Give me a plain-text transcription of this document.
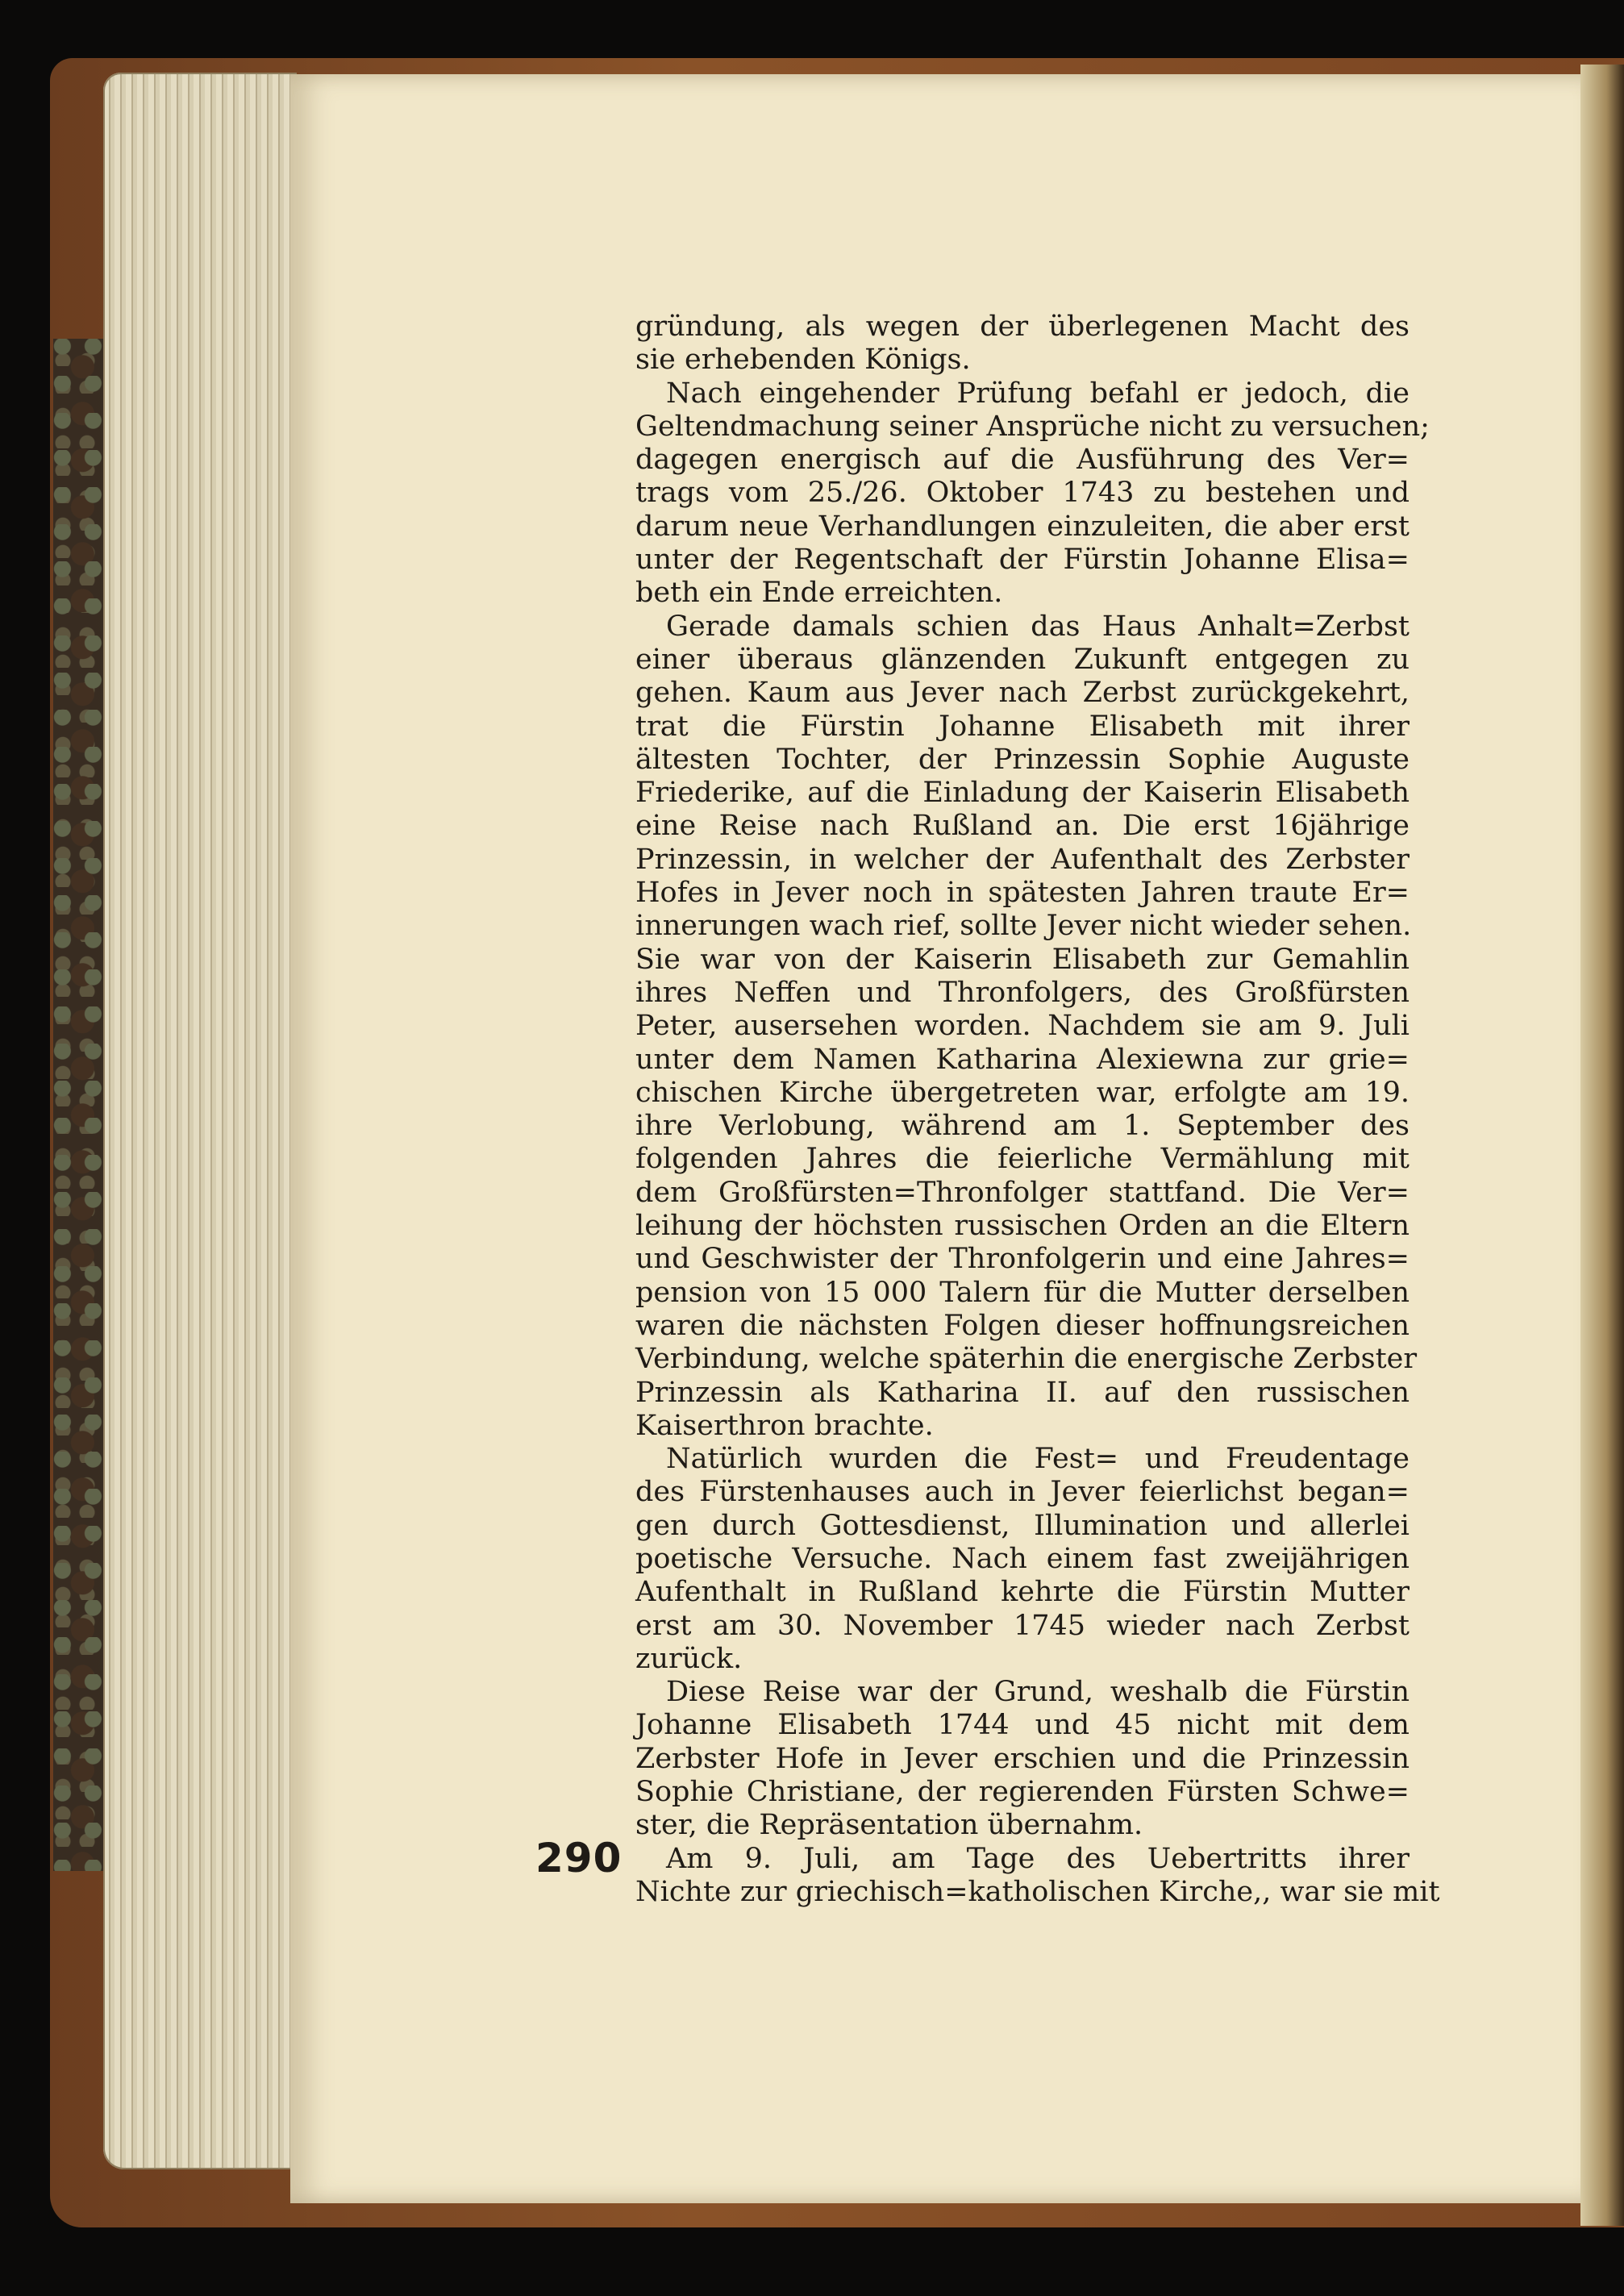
gründung, als wegen der überlegenen Macht des
sie erhebenden Königs.
Nach eingehender Prüfung befahl er jedoch, die
Geltendmachung seiner Ansprüche nicht zu versuchen;
dagegen energisch auf die Ausführung des Ver=
trags vom 25./26. Oktober 1743 zu bestehen und
darum neue Verhandlungen einzuleiten, die aber erst
unter der Regentschaft der Fürstin Johanne Elisa=
beth ein Ende erreichten.
Gerade damals schien das Haus Anhalt=Zerbst
einer überaus glänzenden Zukunft entgegen zu
gehen. Kaum aus Jever nach Zerbst zurückgekehrt,
trat die Fürstin Johanne Elisabeth mit ihrer
ältesten Tochter, der Prinzessin Sophie Auguste
Friederike, auf die Einladung der Kaiserin Elisabeth
eine Reise nach Rußland an. Die erst 16jährige
Prinzessin, in welcher der Aufenthalt des Zerbster
Hofes in Jever noch in spätesten Jahren traute Er=
innerungen wach rief, sollte Jever nicht wieder sehen.
Sie war von der Kaiserin Elisabeth zur Gemahlin
ihres Neffen und Thronfolgers, des Großfürsten
Peter, ausersehen worden. Nachdem sie am 9. Juli
unter dem Namen Katharina Alexiewna zur grie=
chischen Kirche übergetreten war, erfolgte am 19.
ihre Verlobung, während am 1. September des
folgenden Jahres die feierliche Vermählung mit
dem Großfürsten=Thronfolger stattfand. Die Ver=
leihung der höchsten russischen Orden an die Eltern
und Geschwister der Thronfolgerin und eine Jahres=
pension von 15 000 Talern für die Mutter derselben
waren die nächsten Folgen dieser hoffnungsreichen
Verbindung, welche späterhin die energische Zerbster
Prinzessin als Katharina II. auf den russischen
Kaiserthron brachte.
Natürlich wurden die Fest= und Freudentage
des Fürstenhauses auch in Jever feierlichst began=
gen durch Gottesdienst, Illumination und allerlei
poetische Versuche. Nach einem fast zweijährigen
Aufenthalt in Rußland kehrte die Fürstin Mutter
erst am 30. November 1745 wieder nach Zerbst
zurück.
Diese Reise war der Grund, weshalb die Fürstin
Johanne Elisabeth 1744 und 45 nicht mit dem
Zerbster Hofe in Jever erschien und die Prinzessin
Sophie Christiane, der regierenden Fürsten Schwe=
ster, die Repräsentation übernahm.
Am 9. Juli, am Tage des Uebertritts ihrer
Nichte zur griechisch=katholischen Kirche,, war sie mit
290
